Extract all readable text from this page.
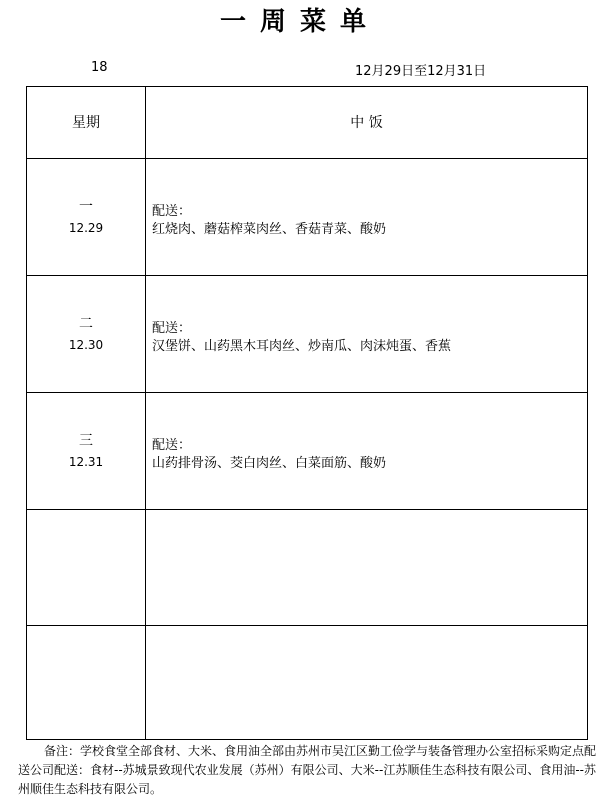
一周菜单
18	12月29日至12月31日
星期	中 饭
一
12.29
配送：
红烧肉、蘑菇榨菜肉丝、香菇青菜、酸奶
二
12.30
配送：
汉堡饼、山药黑木耳肉丝、炒南瓜、肉沫炖蛋、香蕉
三
12.31
配送：
山药排骨汤、茭白肉丝、白菜面筋、酸奶
备注：学校食堂全部食材、大米、食用油全部由苏州市吴江区勤工俭学与装备管理办公室招标采购定点配送公司配送：食材--苏城景致现代农业发展（苏州）有限公司、大米--江苏顺佳生态科技有限公司、食用油--苏州顺佳生态科技有限公司。
